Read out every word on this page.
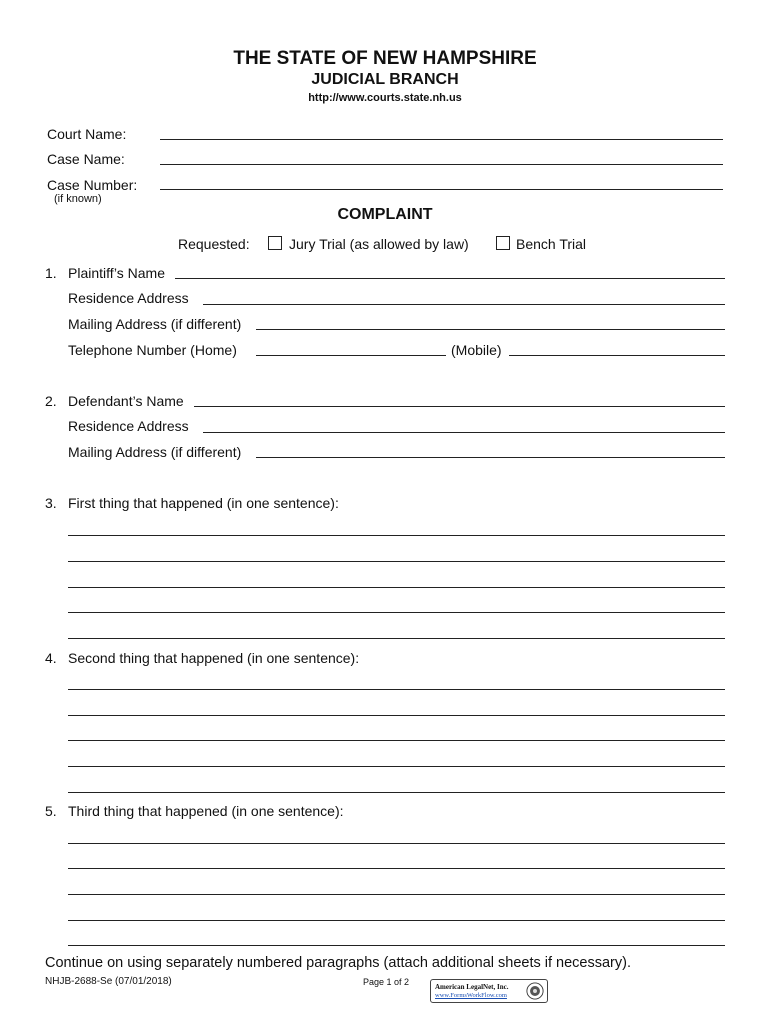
THE STATE OF NEW HAMPSHIRE
JUDICIAL BRANCH
http://www.courts.state.nh.us
Court Name:
Case Name:
Case Number:
(if known)
COMPLAINT
Requested:	Jury Trial (as allowed by law)	Bench Trial
1. Plaintiff’s Name
Residence Address
Mailing Address (if different)
Telephone Number (Home)	(Mobile)
2. Defendant’s Name
Residence Address
Mailing Address (if different)
3. First thing that happened (in one sentence):
4. Second thing that happened (in one sentence):
5. Third thing that happened (in one sentence):
Continue on using separately numbered paragraphs (attach additional sheets if necessary).
NHJB-2688-Se (07/01/2018)	Page 1 of 2	American LegalNet, Inc.
www.FormsWorkFlow.com
